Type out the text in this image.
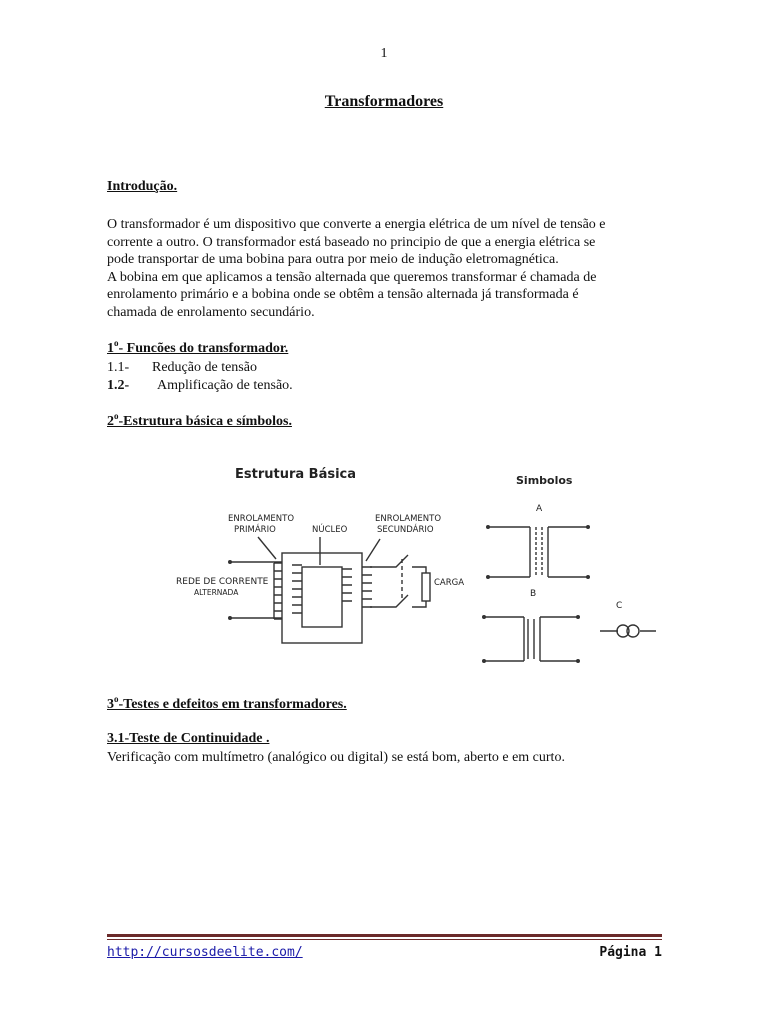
1
Transformadores
Introdução.
O transformador é um dispositivo que converte a energia elétrica de um nível de tensão e
corrente a outro. O transformador está baseado no principio de que a energia elétrica se
pode transportar de uma bobina para outra por meio de indução eletromagnética.
A bobina em que aplicamos a tensão alternada que queremos transformar é chamada de
enrolamento primário e a bobina onde se obtêm a tensão alternada já transformada é
chamada de enrolamento secundário.
1$^o$- Funcões do transformador.
1.1- Redução de tensão
1.2- Amplificação de tensão.
2$^o$-Estrutura básica e símbolos.
Estrutura Básica	Simbolos
ENROLAMENTO
PRIMÁRIO	NÚCLEO
ENROLAMENTO
SECUNDÁRIO
REDE DE CORRENTE
ALTERNADA
CARGA
A
B
C
3$^o$-Testes e defeitos em transformadores.
3.1-Teste de Continuidade .
Verificação com multímetro (analógico ou digital) se está bom, aberto e em curto.
http://cursosdeelite.com/	Página 1
